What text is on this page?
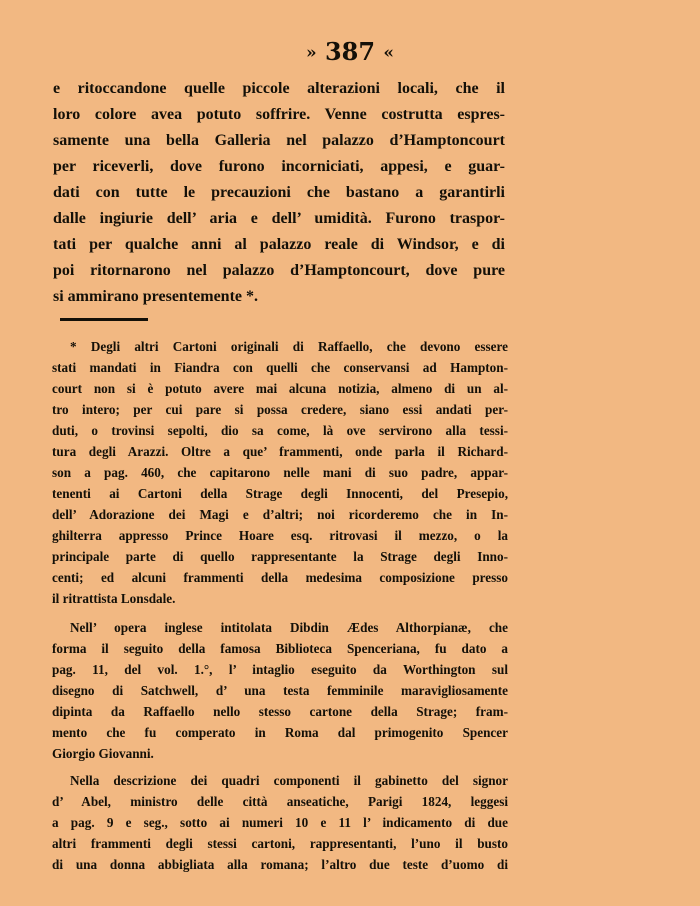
» 387 «
e ritoccandone quelle piccole alterazioni locali, che il
loro colore avea potuto soffrire. Venne costrutta espres-
samente una bella Galleria nel palazzo d’Hamptoncourt
per riceverli, dove furono incorniciati, appesi, e guar-
dati con tutte le precauzioni che bastano a garantirli
dalle ingiurie dell’ aria e dell’ umidità. Furono traspor-
tati per qualche anni al palazzo reale di Windsor, e di
poi ritornarono nel palazzo d’Hamptoncourt, dove pure
si ammirano presentemente *.
* Degli altri Cartoni originali di Raffaello, che devono essere
stati mandati in Fiandra con quelli che conservansi ad Hampton-
court non si è potuto avere mai alcuna notizia, almeno di un al-
tro intero; per cui pare si possa credere, siano essi andati per-
duti, o trovinsi sepolti, dio sa come, là ove servirono alla tessi-
tura degli Arazzi. Oltre a que’ frammenti, onde parla il Richard-
son a pag. 460, che capitarono nelle mani di suo padre, appar-
tenenti ai Cartoni della Strage degli Innocenti, del Presepio,
dell’ Adorazione dei Magi e d’altri; noi ricorderemo che in In-
ghilterra appresso Prince Hoare esq. ritrovasi il mezzo, o la
principale parte di quello rappresentante la Strage degli Inno-
centi; ed alcuni frammenti della medesima composizione presso
il ritrattista Lonsdale.
Nell’ opera inglese intitolata Dibdin Ædes Althorpianæ, che
forma il seguito della famosa Biblioteca Spenceriana, fu dato a
pag. 11, del vol. 1.°, l’ intaglio eseguito da Worthington sul
disegno di Satchwell, d’ una testa femminile maravigliosamente
dipinta da Raffaello nello stesso cartone della Strage; fram-
mento che fu comperato in Roma dal primogenito Spencer
Giorgio Giovanni.
Nella descrizione dei quadri componenti il gabinetto del signor
d’ Abel, ministro delle città anseatiche, Parigi 1824, leggesi
a pag. 9 e seg., sotto ai numeri 10 e 11 l’ indicamento di due
altri frammenti degli stessi cartoni, rappresentanti, l’uno il busto
di una donna abbigliata alla romana; l’altro due teste d’uomo di
